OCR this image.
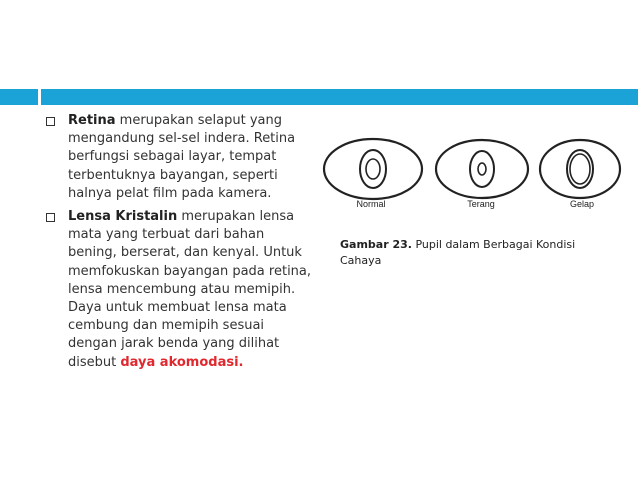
Retina merupakan selaput yang mengandung sel-sel indera. Retina berfungsi sebagai layar, tempat terbentuknya bayangan, seperti halnya pelat film pada kamera.
Lensa Kristalin merupakan lensa mata yang terbuat dari bahan bening, berserat, dan kenyal. Untuk memfokuskan bayangan pada retina, lensa mencembung atau memipih. Daya untuk membuat lensa mata cembung dan memipih sesuai dengan jarak benda yang dilihat disebut daya akomodasi.
Normal	Terang	Gelap
Gambar 23. Pupil dalam Berbagai Kondisi Cahaya
